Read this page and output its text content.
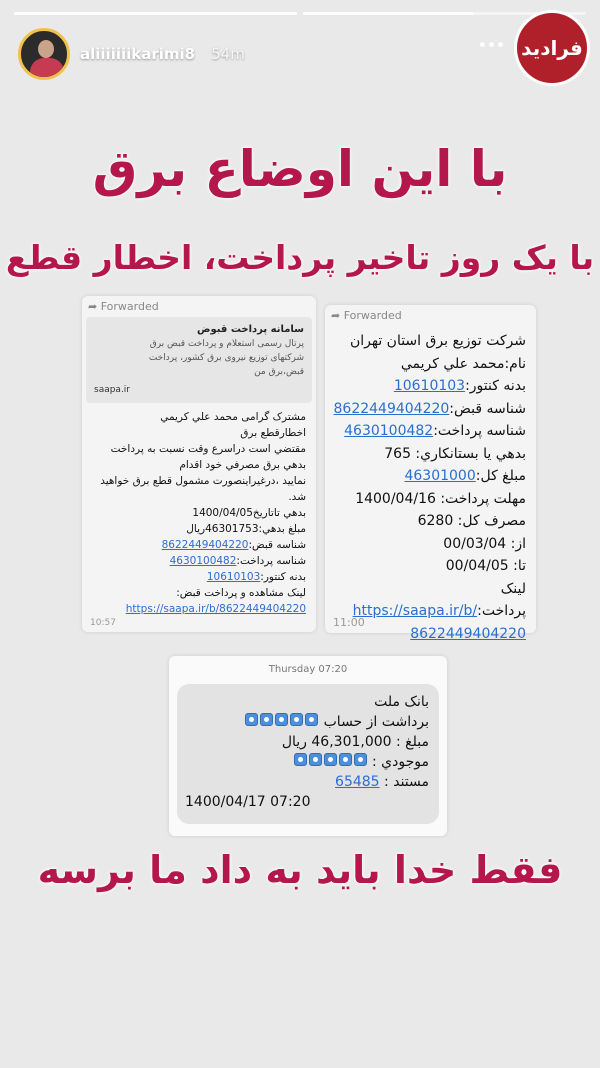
aliiiiiiikarimi8 54m	فرادید
با این اوضاع برق
با یک روز تاخیر پرداخت، اخطار قطع
➦ Forwarded
سامانه پرداخت قبوض
پرتال رسمی استعلام و پرداخت قبض برق
شرکتهای توزیع نیروی برق کشور، پرداخت
قبض،برق من
saapa.ir
مشترک گرامی محمد علي كريمي
اخطارقطع برق
مقتضي است دراسرع وقت نسبت به پرداخت
بدهي برق مصرفي خود اقدام
نمایید ،درغیراینصورت مشمول قطع برق خواهید
شد.
بدهي تاتاريخ1400/04/05
مبلغ بدهي:46301753ريال
شناسه قبض:8622449404220
شناسه پرداخت:4630100482
بدنه کنتور:10610103
لینک مشاهده و پرداخت قبض:
https://saapa.ir/b/8622449404220
10:57
➦ Forwarded
شركت توزيع برق استان تهران
نام:محمد علي كريمي
بدنه کنتور:10610103
شناسه قبض:8622449404220
شناسه پرداخت:4630100482
بدهي يا بستانكاري: 765
مبلغ کل:46301000
مهلت پرداخت: 1400/04/16
مصرف كل: 6280
از: 00/03/04
تا: 00/04/05
لینک پرداخت:https://saapa.ir/b/
8622449404220
11:00
Thursday 07:20
بانک ملت
برداشت از حساب
مبلغ : 46,301,000 ریال
موجودي :
مستند : 65485
1400/04/17 07:20
فقط خدا باید به داد ما برسه
